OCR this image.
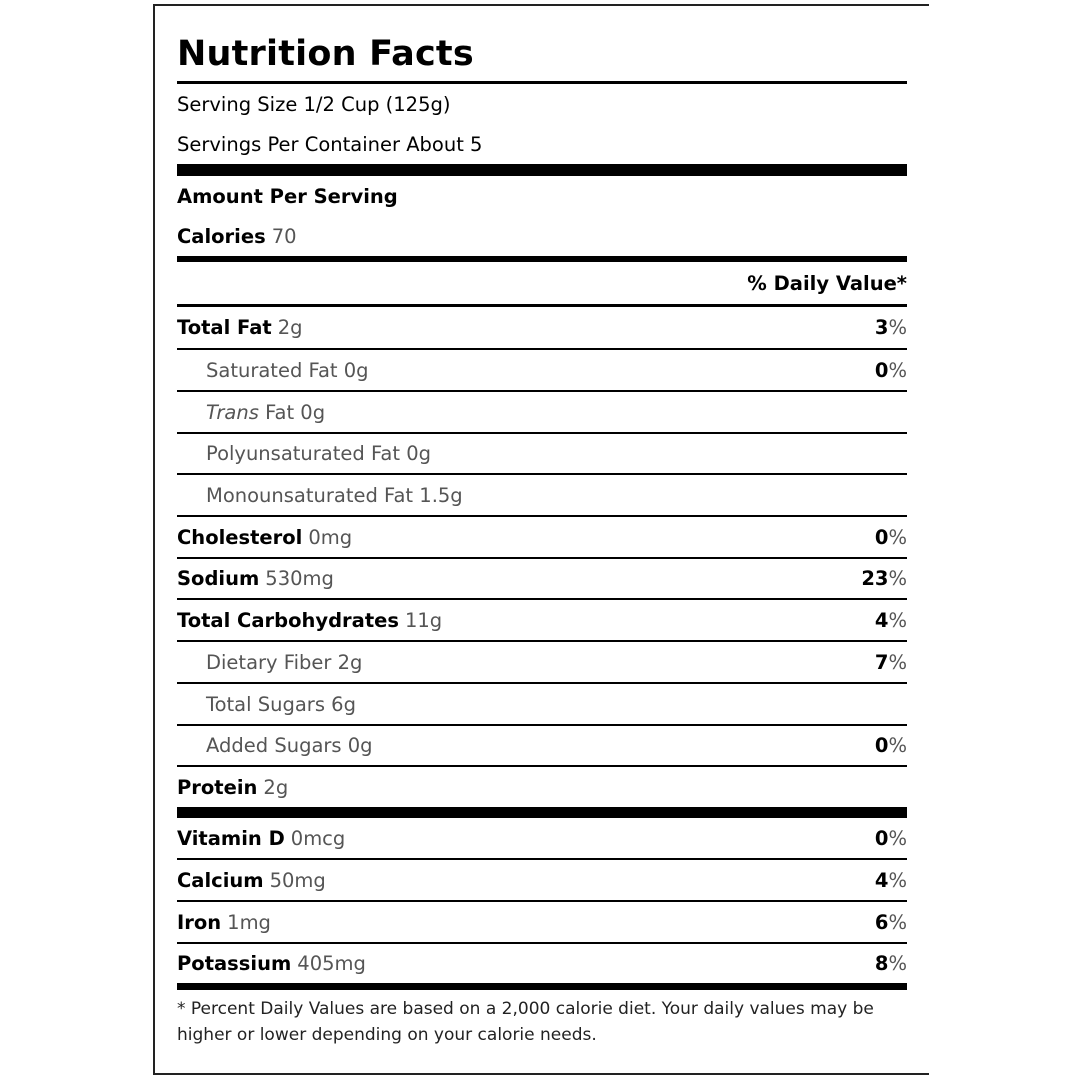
Nutrition Facts
Serving Size 1/2 Cup (125g)
Servings Per Container About 5
Amount Per Serving
Calories 70
% Daily Value*
Total Fat 2g	3 %
Saturated Fat 0g	0 %
Trans Fat 0g
Polyunsaturated Fat 0g
Monounsaturated Fat 1.5g
Cholesterol 0mg	0 %
Sodium 530mg	23 %
Total Carbohydrates 11g	4 %
Dietary Fiber 2g	7 %
Total Sugars 6g
Added Sugars 0g	0 %
Protein 2g
Vitamin D 0mcg	0 %
Calcium 50mg	4 %
Iron 1mg	6 %
Potassium 405mg	8 %
* Percent Daily Values are based on a 2,000 calorie diet. Your daily values may be higher or lower depending on your calorie needs.
